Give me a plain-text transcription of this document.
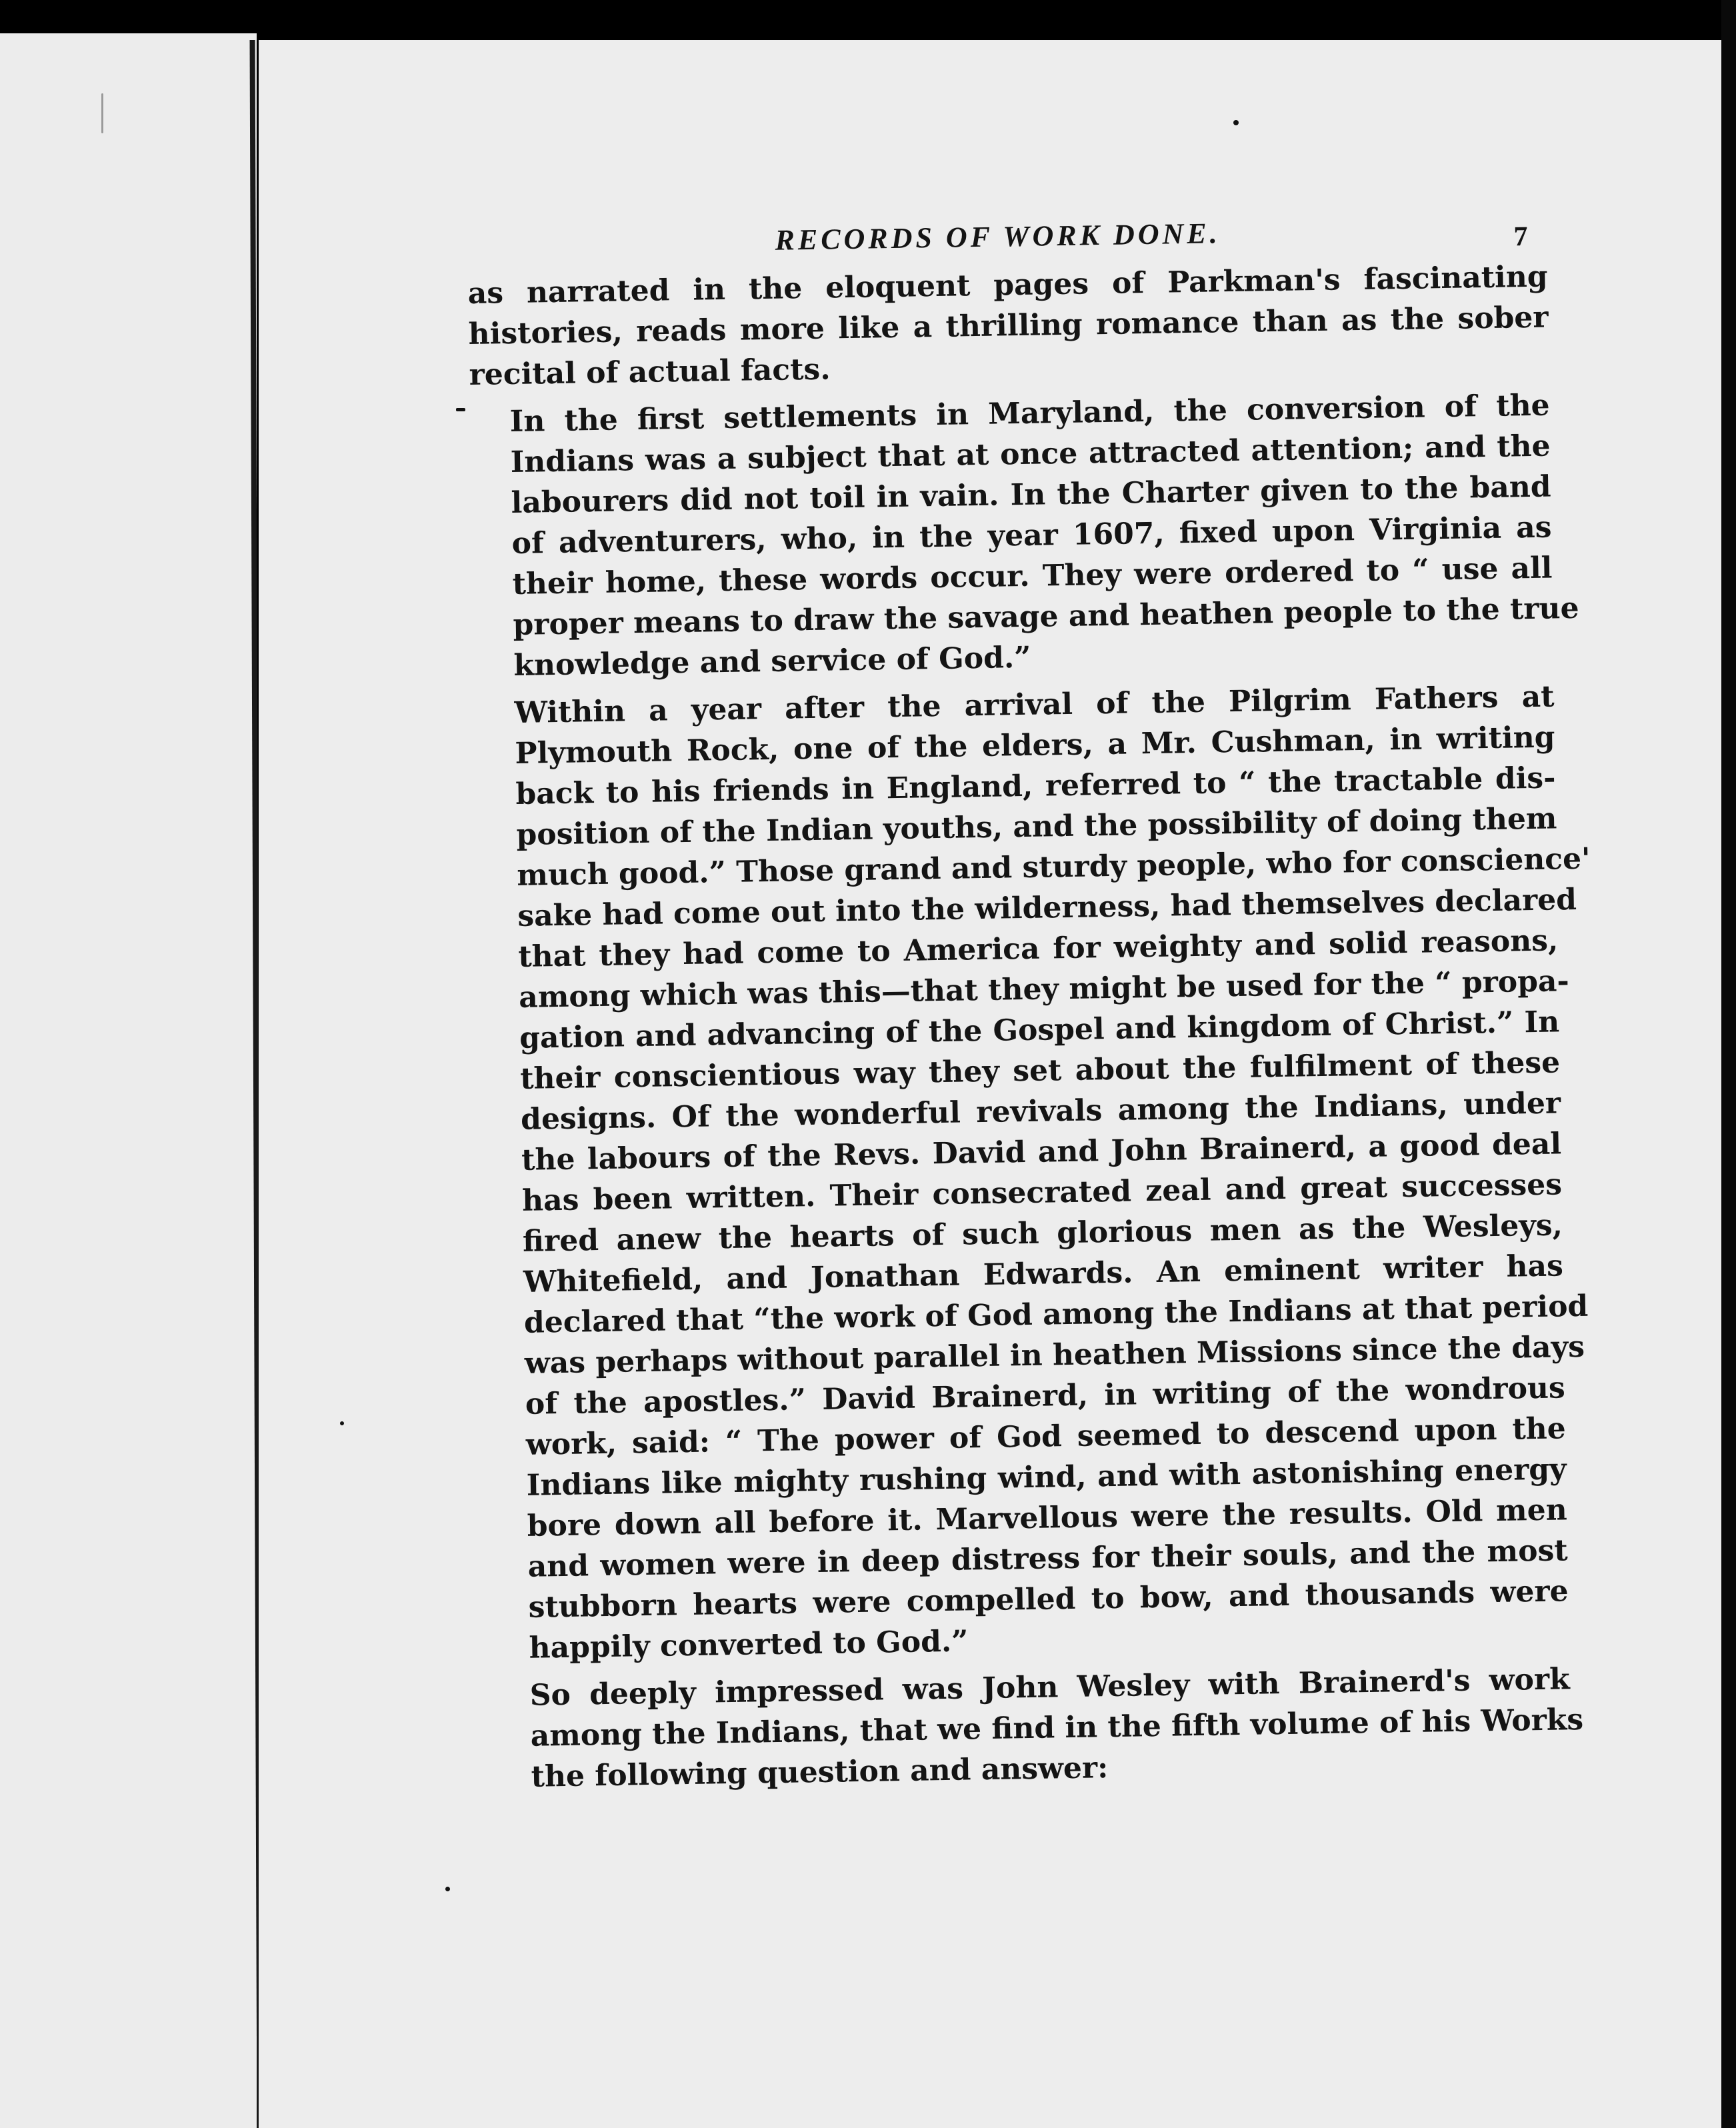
RECORDS OF WORK DONE.	7

as narrated in the eloquent pages of Parkman's fascinating
histories, reads more like a thrilling romance than as the sober
recital of actual facts.

In the first settlements in Maryland, the conversion of the
Indians was a subject that at once attracted attention; and the
labourers did not toil in vain. In the Charter given to the band
of adventurers, who, in the year 1607, fixed upon Virginia as
their home, these words occur. They were ordered to “ use all
proper means to draw the savage and heathen people to the true
knowledge and service of God.”

Within a year after the arrival of the Pilgrim Fathers at
Plymouth Rock, one of the elders, a Mr. Cushman, in writing
back to his friends in England, referred to “ the tractable dis-
position of the Indian youths, and the possibility of doing them
much good.” Those grand and sturdy people, who for conscience'
sake had come out into the wilderness, had themselves declared
that they had come to America for weighty and solid reasons,
among which was this—that they might be used for the “ propa-
gation and advancing of the Gospel and kingdom of Christ.” In
their conscientious way they set about the fulfilment of these
designs. Of the wonderful revivals among the Indians, under
the labours of the Revs. David and John Brainerd, a good deal
has been written. Their consecrated zeal and great successes
fired anew the hearts of such glorious men as the Wesleys,
Whitefield, and Jonathan Edwards. An eminent writer has
declared that “the work of God among the Indians at that period
was perhaps without parallel in heathen Missions since the days
of the apostles.” David Brainerd, in writing of the wondrous
work, said: “ The power of God seemed to descend upon the
Indians like mighty rushing wind, and with astonishing energy
bore down all before it. Marvellous were the results. Old men
and women were in deep distress for their souls, and the most
stubborn hearts were compelled to bow, and thousands were
happily converted to God.”

So deeply impressed was John Wesley with Brainerd's work
among the Indians, that we find in the fifth volume of his Works
the following question and answer:
